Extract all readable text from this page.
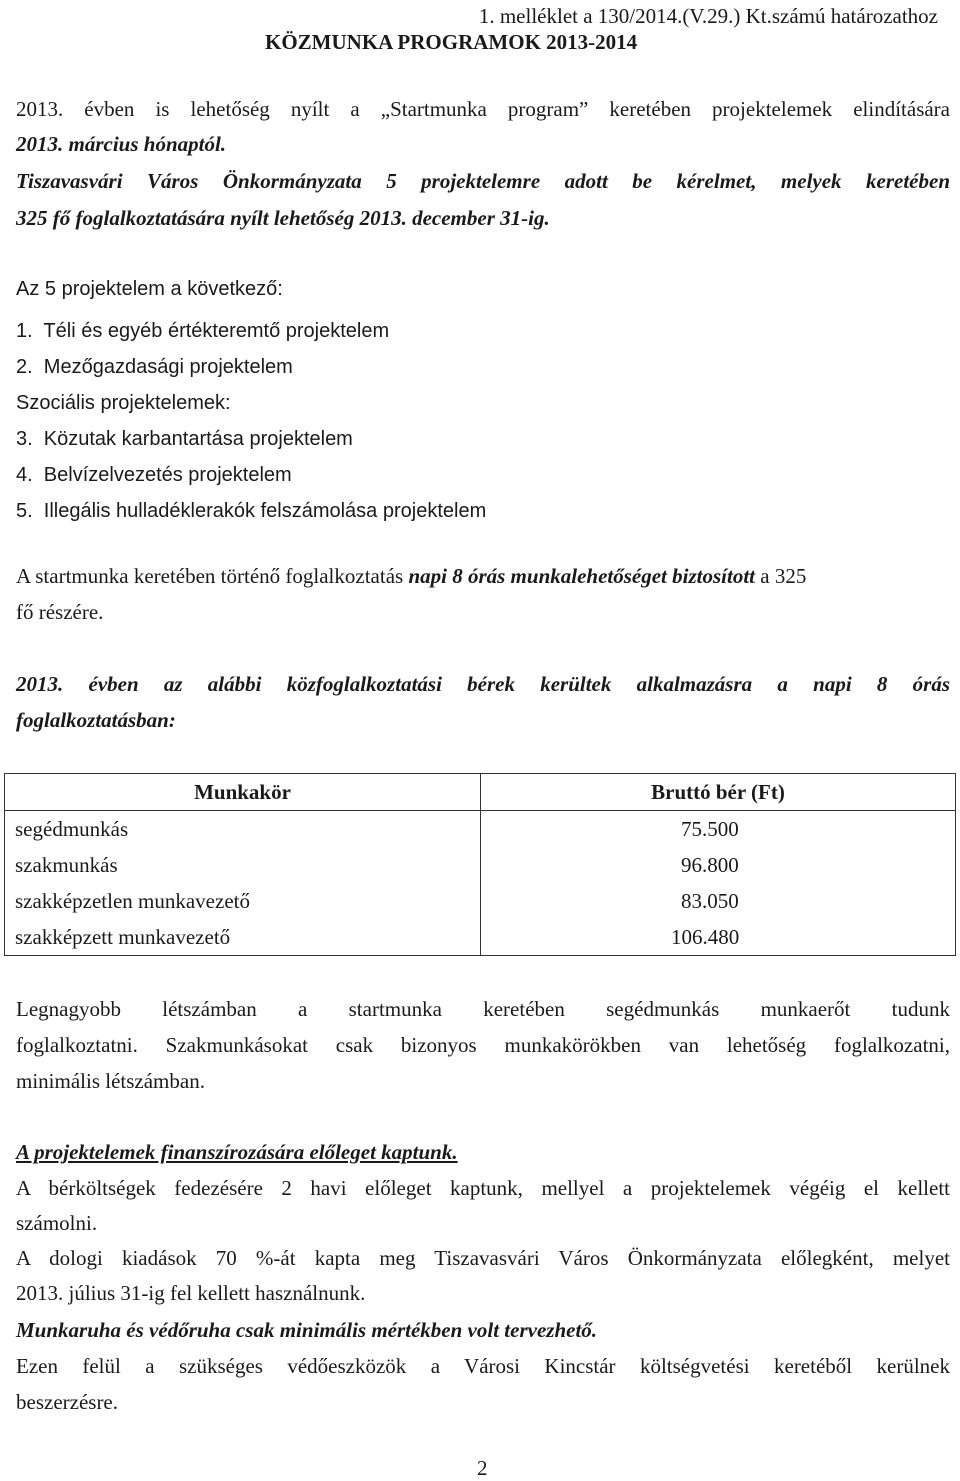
1. melléklet a 130/2014.(V.29.) Kt.számú határozathoz
KÖZMUNKA PROGRAMOK 2013-2014
2013. évben is lehetőség nyílt a „Startmunka program” keretében projektelemek elindítására
2013. március hónaptól.
Tiszavasvári Város Önkormányzata 5 projektelemre adott be kérelmet, melyek keretében
325 fő foglalkoztatására nyílt lehetőség 2013. december 31-ig.
Az 5 projektelem a következő:
1.  Téli és egyéb értékteremtő projektelem
2.  Mezőgazdasági projektelem
Szociális projektelemek:
3.  Közutak karbantartása projektelem
4.  Belvízelvezetés projektelem
5.  Illegális hulladéklerakók felszámolása projektelem
A startmunka keretében történő foglalkoztatás napi 8 órás munkalehetőséget biztosított a 325
fő részére.
2013. évben az alábbi közfoglalkoztatási bérek kerültek alkalmazásra a napi 8 órás
foglalkoztatásban:
Munkakör	Bruttó bér (Ft)
segédmunkás	75.500
szakmunkás	96.800
szakképzetlen munkavezető	83.050
szakképzett munkavezető	106.480
Legnagyobb létszámban a startmunka keretében segédmunkás munkaerőt tudunk
foglalkoztatni. Szakmunkásokat csak bizonyos munkakörökben van lehetőség foglalkozatni,
minimális létszámban.
A projektelemek finanszírozására előleget kaptunk.
A bérköltségek fedezésére 2 havi előleget kaptunk, mellyel a projektelemek végéig el kellett
számolni.
A dologi kiadások 70 %-át kapta meg Tiszavasvári Város Önkormányzata előlegként, melyet
2013. július 31-ig fel kellett használnunk.
Munkaruha és védőruha csak minimális mértékben volt tervezhető.
Ezen felül a szükséges védőeszközök a Városi Kincstár költségvetési keretéből kerülnek
beszerzésre.
2
